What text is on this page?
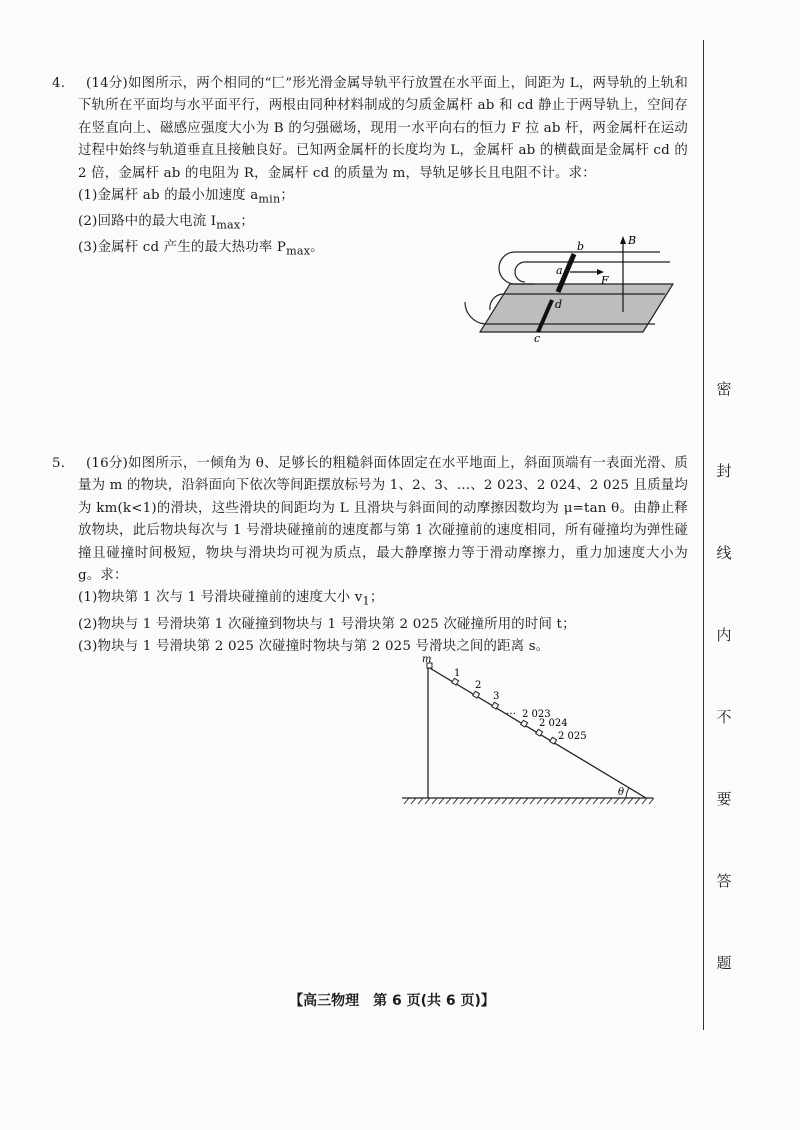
4. (14分)如图所示，两个相同的“匚”形光滑金属导轨平行放置在水平面上，间距为 L，两导轨的上轨和下轨所在平面均与水平面平行，两根由同种材料制成的匀质金属杆 ab 和 cd 静止于两导轨上，空间存在竖直向上、磁感应强度大小为 B 的匀强磁场，现用一水平向右的恒力 F 拉 ab 杆，两金属杆在运动过程中始终与轨道垂直且接触良好。已知两金属杆的长度均为 L，金属杆 ab 的横截面是金属杆 cd 的 2 倍，金属杆 ab 的电阻为 R，金属杆 cd 的质量为 m，导轨足够长且电阻不计。求：

(1)金属杆 ab 的最小加速度 $a_{min}$；

(2)回路中的最大电流 $I_{max}$；

(3)金属杆 cd 产生的最大热功率 $P_{max}$。	b
a
F
B
d
c

5. (16分)如图所示，一倾角为 θ、足够长的粗糙斜面体固定在水平地面上，斜面顶端有一表面光滑、质量为 m 的物块，沿斜面向下依次等间距摆放标号为 1、2、3、…、2 023、2 024、2 025 且质量均为 km(k<1)的滑块，这些滑块的间距均为 L 且滑块与斜面间的动摩擦因数均为 μ=tan θ。由静止释放物块，此后物块每次与 1 号滑块碰撞前的速度都与第 1 次碰撞前的速度相同，所有碰撞均为弹性碰撞且碰撞时间极短，物块与滑块均可视为质点，最大静摩擦力等于滑动摩擦力，重力加速度大小为 g。求：

(1)物块第 1 次与 1 号滑块碰撞前的速度大小 $v_1$；

(2)物块与 1 号滑块第 1 次碰撞到物块与 1 号滑块第 2 025 次碰撞所用的时间 t；

(3)物块与 1 号滑块第 2 025 次碰撞时物块与第 2 025 号滑块之间的距离 s。

θ
m
1
2
3
… 2 023
2 024
2 025

密

封

线

内

不

要

答

题

【高三物理　第 6 页(共 6 页)】
